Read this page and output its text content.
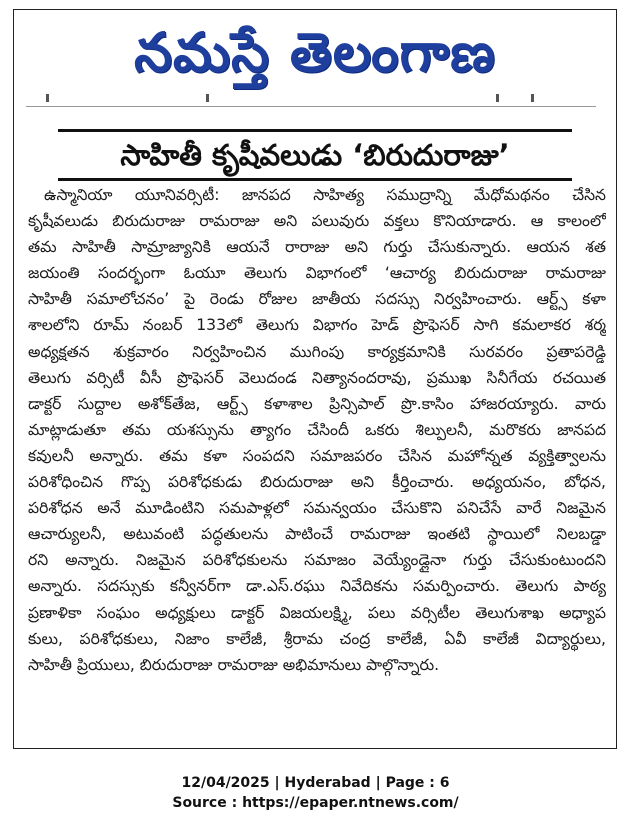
నమస్తే తెలంగాణ
సాహితీ కృషీవలుడు ‘బిరుదురాజు’
ఉస్మానియా యూనివర్సిటీ: జానపద సాహిత్య సముద్రాన్ని మేధోమథనం చేసిన
కృషీవలుడు బిరుదురాజు రామరాజు అని పలువురు వక్తలు కొనియాడారు. ఆ కాలంలో
తమ సాహితీ సామ్రాజ్యానికి ఆయనే రారాజు అని గుర్తు చేసుకున్నారు. ఆయన శత
జయంతి సందర్భంగా ఓయూ తెలుగు విభాగంలో ‘ఆచార్య బిరుదురాజు రామరాజు
సాహితీ సమాలోచనం’ పై రెండు రోజుల జాతీయ సదస్సు నిర్వహించారు. ఆర్ట్స్ కళా
శాలలోని రూమ్ నంబర్ 133లో తెలుగు విభాగం హెడ్ ప్రొఫెసర్ సాగి కమలాకర శర్మ
అధ్యక్షతన శుక్రవారం నిర్వహించిన ముగింపు కార్యక్రమానికి సురవరం ప్రతాపరెడ్డి
తెలుగు వర్సిటీ వీసీ ప్రొఫెసర్ వెలుదండ నిత్యానందరావు, ప్రముఖ సినీగేయ రచయిత
డాక్టర్ సుద్దాల అశోక్‌తేజ, ఆర్ట్స్ కళాశాల ప్రిన్సిపాల్ ప్రొ.కాసిం హాజరయ్యారు. వారు
మాట్లాడుతూ తమ యశస్సును త్యాగం చేసిందీ ఒకరు శిల్పులనీ, మరొకరు జానపద
కవులనీ అన్నారు. తమ కళా సంపదని సమాజపరం చేసిన మహోన్నత వ్యక్తిత్వాలను
పరిశోధించిన గొప్ప పరిశోధకుడు బిరుదురాజు అని కీర్తించారు. అధ్యయనం, బోధన,
పరిశోధన అనే మూడింటిని సమపాళ్లలో సమన్వయం చేసుకొని పనిచేసే వారే నిజమైన
ఆచార్యులనీ, అటువంటి పద్ధతులను పాటించే రామరాజు ఇంతటి స్థాయిలో నిలబడ్డా
రని అన్నారు. నిజమైన పరిశోధకులను సమాజం వెయ్యేండ్లైనా గుర్తు చేసుకుంటుందని
అన్నారు. సదస్సుకు కన్వీనర్‌గా డా.ఎస్.రఘు నివేదికను సమర్పించారు. తెలుగు పాఠ్య
ప్రణాళికా సంఘం అధ్యక్షులు డాక్టర్ విజయలక్ష్మి, పలు వర్సిటీల తెలుగుశాఖ అధ్యాప
కులు, పరిశోధకులు, నిజాం కాలేజీ, శ్రీరామ చంద్ర కాలేజీ, ఏవీ కాలేజీ విద్యార్థులు,
సాహితీ ప్రియులు, బిరుదురాజు రామరాజు అభిమానులు పాల్గొన్నారు.
12/04/2025 | Hyderabad | Page : 6
Source : https://epaper.ntnews.com/
